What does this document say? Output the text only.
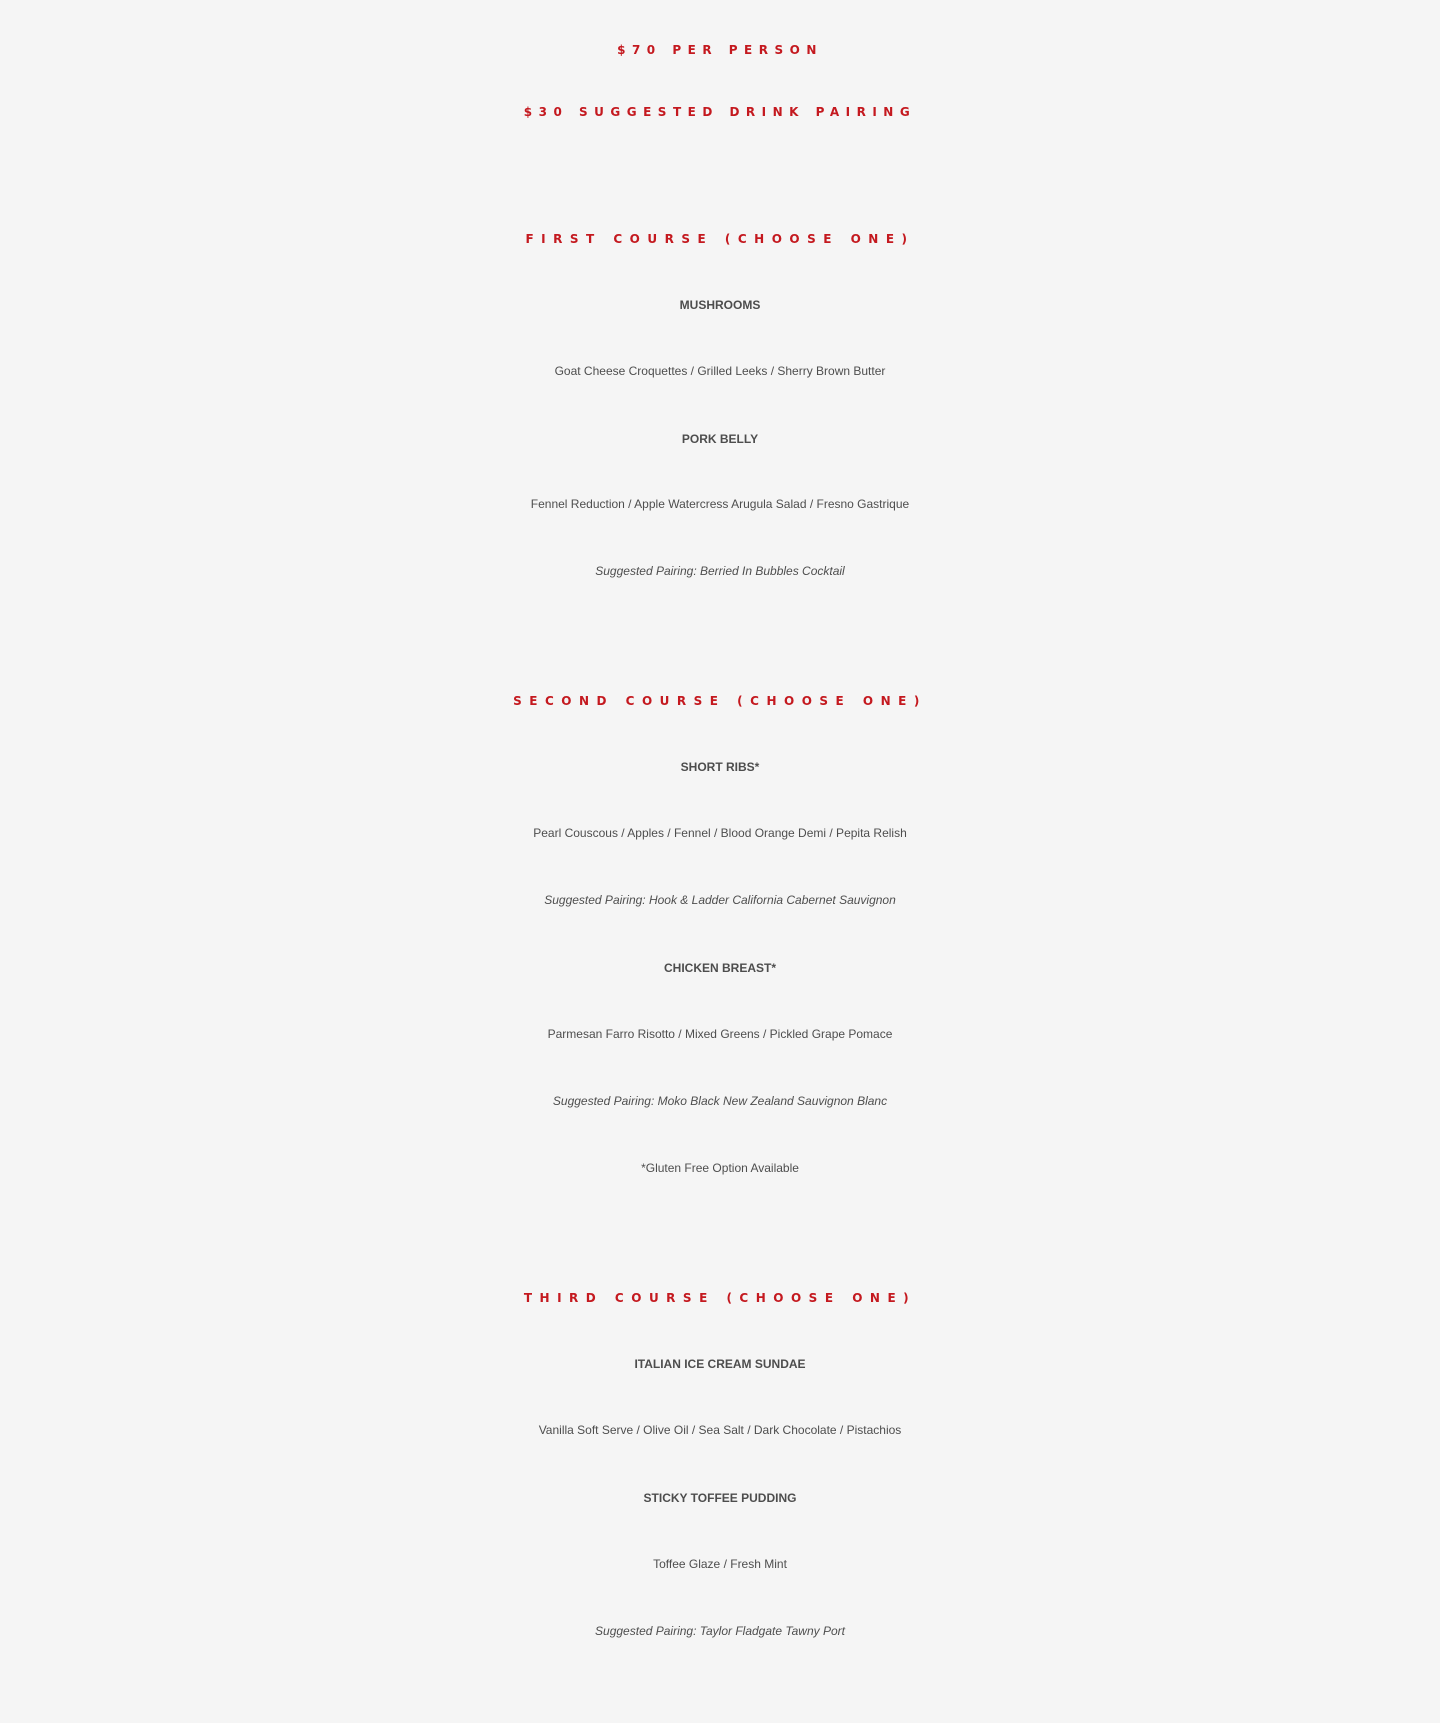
$70 PER PERSON
$30 SUGGESTED DRINK PAIRING
FIRST COURSE (CHOOSE ONE)
MUSHROOMS
Goat Cheese Croquettes / Grilled Leeks / Sherry Brown Butter
PORK BELLY
Fennel Reduction / Apple Watercress Arugula Salad / Fresno Gastrique
Suggested Pairing: Berried In Bubbles Cocktail
SECOND COURSE (CHOOSE ONE)
SHORT RIBS*
Pearl Couscous / Apples / Fennel / Blood Orange Demi / Pepita Relish
Suggested Pairing: Hook & Ladder California Cabernet Sauvignon
CHICKEN BREAST*
Parmesan Farro Risotto / Mixed Greens / Pickled Grape Pomace
Suggested Pairing: Moko Black New Zealand Sauvignon Blanc
*Gluten Free Option Available
THIRD COURSE (CHOOSE ONE)
ITALIAN ICE CREAM SUNDAE
Vanilla Soft Serve / Olive Oil / Sea Salt / Dark Chocolate / Pistachios
STICKY TOFFEE PUDDING
Toffee Glaze / Fresh Mint
Suggested Pairing: Taylor Fladgate Tawny Port
